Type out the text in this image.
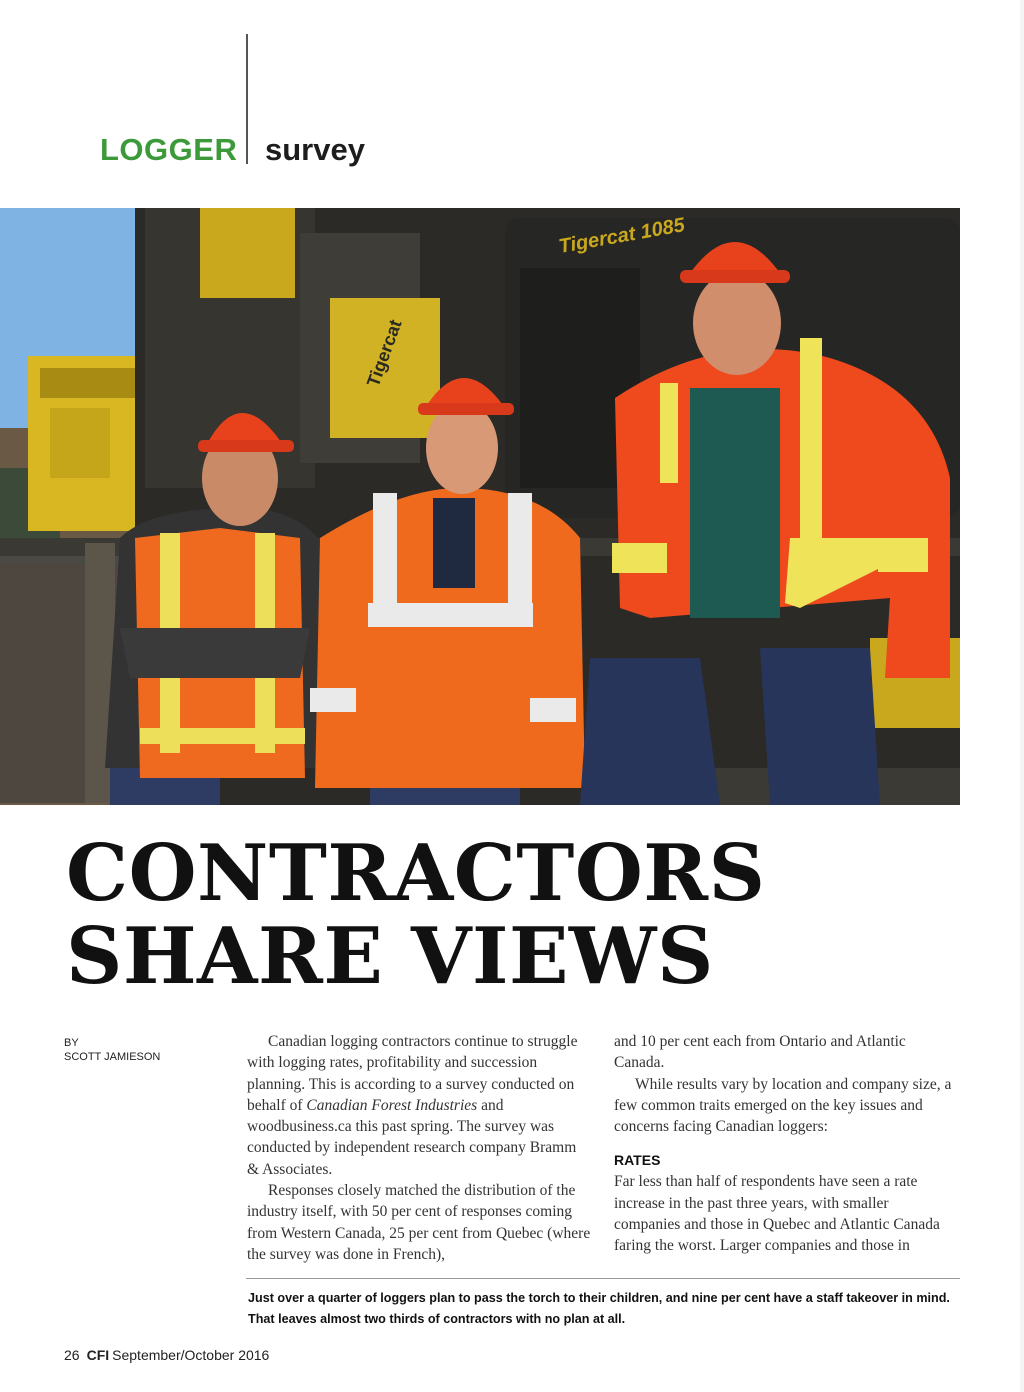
LOGGER survey
Tigercat
Tigercat 1085
CONTRACTORS
SHARE VIEWS
BY
SCOTT JAMIESON

Canadian logging contractors continue to struggle with logging rates, profitability and succession planning. This is according to a survey conducted on behalf of Canadian Forest Industries and woodbusiness.ca this past spring. The survey was conducted by independent research company Bramm & Associates.

Responses closely matched the distribution of the industry itself, with 50 per cent of responses coming from Western Canada, 25 per cent from Quebec (where the survey was done in French),

and 10 per cent each from Ontario and Atlantic Canada.

While results vary by location and company size, a few common traits emerged on the key issues and concerns facing Canadian loggers:

RATES

Far less than half of respondents have seen a rate increase in the past three years, with smaller companies and those in Quebec and Atlantic Canada faring the worst. Larger companies and those in

Just over a quarter of loggers plan to pass the torch to their children, and nine per cent have a staff takeover in mind. That leaves almost two thirds of contractors with no plan at all.
26 CFI September/October 2016
